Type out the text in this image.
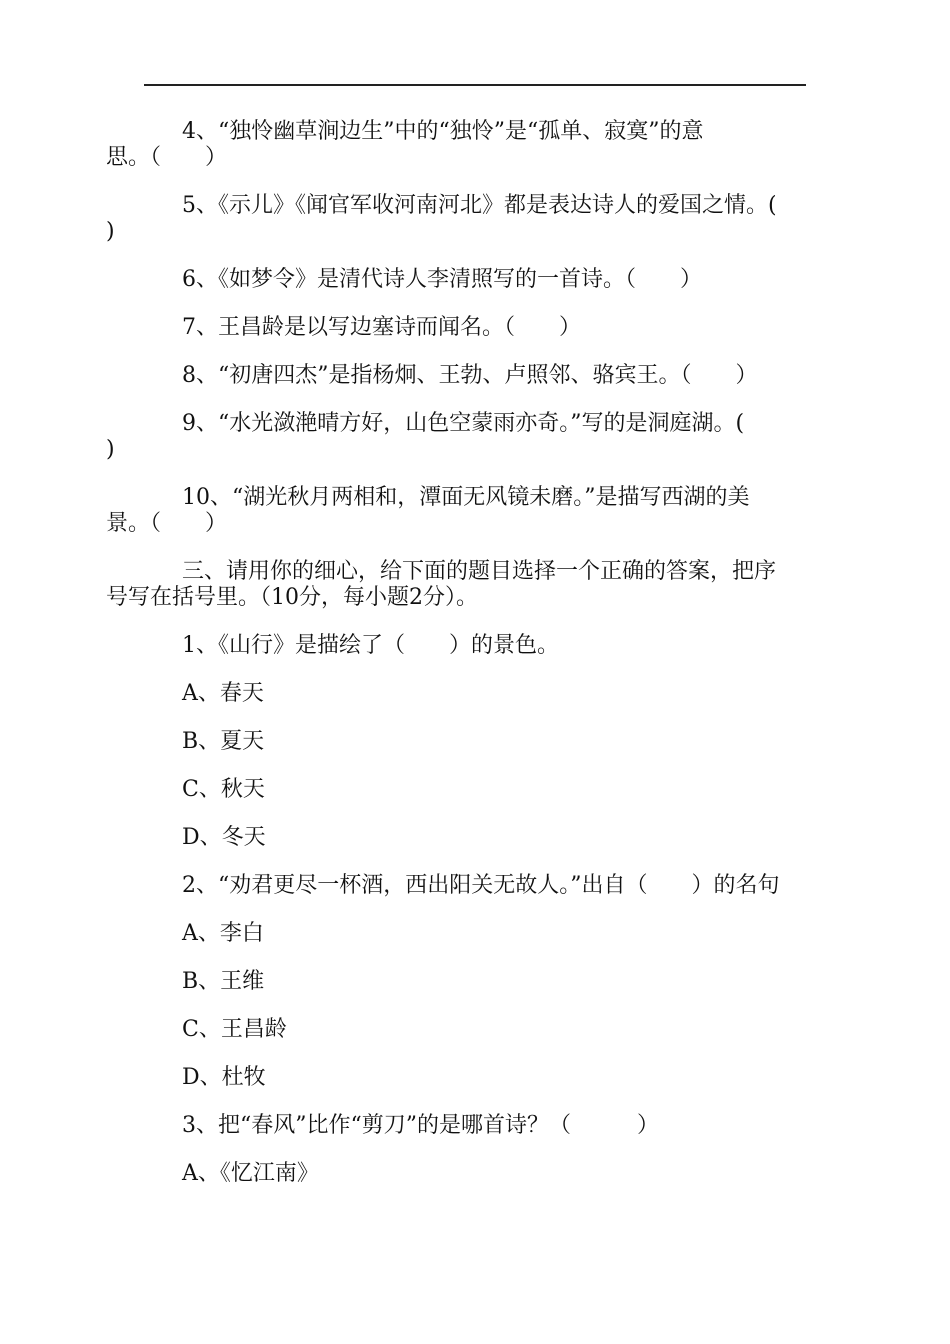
4、“独怜幽草涧边生”中的“独怜”是“孤单、寂寞”的意
思。（　　）
5、《示儿》《闻官军收河南河北》都是表达诗人的爱国之情。(
)
6、《如梦令》是清代诗人李清照写的一首诗。（　　）
7、王昌龄是以写边塞诗而闻名。（　　）
8、“初唐四杰”是指杨炯、王勃、卢照邻、骆宾王。（　　）
9、“水光潋滟晴方好，山色空蒙雨亦奇。”写的是洞庭湖。(
)
10、“湖光秋月两相和，潭面无风镜未磨。”是描写西湖的美
景。（　　）
三、请用你的细心，给下面的题目选择一个正确的答案，把序
号写在括号里。（10分，每小题2分）。
1、《山行》是描绘了（　　）的景色。
A、春天
B、夏天
C、秋天
D、冬天
2、“劝君更尽一杯酒，西出阳关无故人。”出自（　　）的名句
A、李白
B、王维
C、王昌龄
D、杜牧
3、把“春风”比作“剪刀”的是哪首诗？（　　　）
A、《忆江南》
